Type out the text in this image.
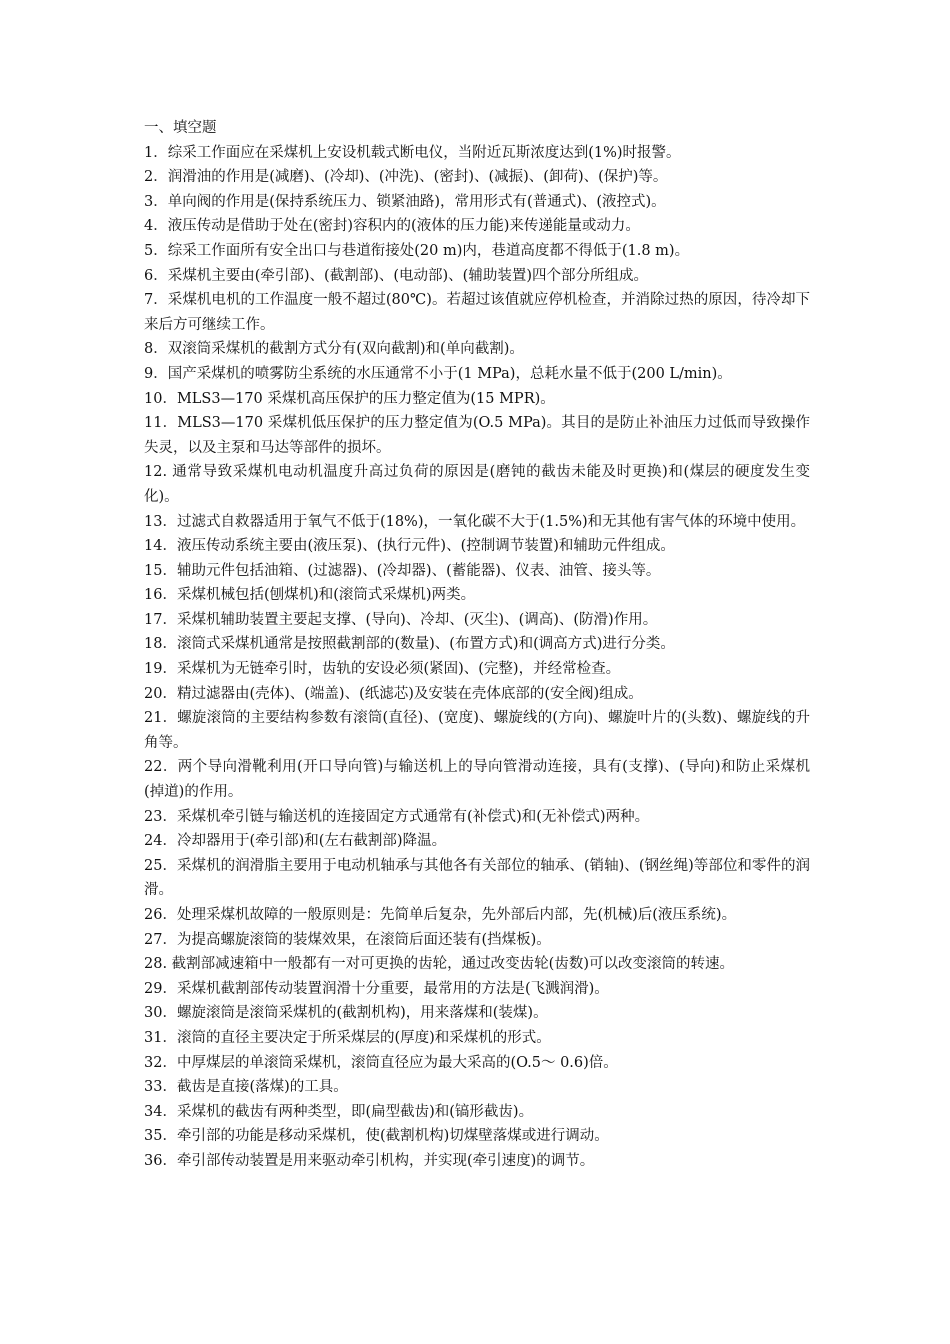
一、填空题

1．综采工作面应在采煤机上安设机载式断电仪，当附近瓦斯浓度达到(1%)时报警。

2．润滑油的作用是(减磨)、(冷却)、(冲洗)、(密封)、(减振)、(卸荷)、(保护)等。

3．单向阀的作用是(保持系统压力、锁紧油路)，常用形式有(普通式)、(液控式)。

4．液压传动是借助于处在(密封)容积内的(液体的压力能)来传递能量或动力。

5．综采工作面所有安全出口与巷道衔接处(20 m)内，巷道高度都不得低于(1.8 m)。

6．采煤机主要由(牵引部)、(截割部)、(电动部)、(辅助装置)四个部分所组成。

7．采煤机电机的工作温度一般不超过(80℃)。若超过该值就应停机检查，并消除过热的原因，待冷却下来后方可继续工作。

8．双滚筒采煤机的截割方式分有(双向截割)和(单向截割)。

9．国产采煤机的喷雾防尘系统的水压通常不小于(1 MPa)，总耗水量不低于(200 L/min)。

10．MLS3—170 采煤机高压保护的压力整定值为(15 MPR)。

11．MLS3—170 采煤机低压保护的压力整定值为(O.5 MPa)。其目的是防止补油压力过低而导致操作失灵，以及主泵和马达等部件的损坏。

12. 通常导致采煤机电动机温度升高过负荷的原因是(磨钝的截齿未能及时更换)和(煤层的硬度发生变化)。

13．过滤式自救器适用于氧气不低于(18%)，一氧化碳不大于(1.5%)和无其他有害气体的环境中使用。

14．液压传动系统主要由(液压泵)、(执行元件)、(控制调节装置)和辅助元件组成。

15．辅助元件包括油箱、(过滤器)、(冷却器)、(蓄能器)、仪表、油管、接头等。

16．采煤机械包括(刨煤机)和(滚筒式采煤机)两类。

17．采煤机辅助装置主要起支撑、(导向)、冷却、(灭尘)、(调高)、(防滑)作用。

18．滚筒式采煤机通常是按照截割部的(数量)、(布置方式)和(调高方式)进行分类。

19．采煤机为无链牵引时，齿轨的安设必须(紧固)、(完整)，并经常检查。

20．精过滤器由(壳体)、(端盖)、(纸滤芯)及安装在壳体底部的(安全阀)组成。

21．螺旋滚筒的主要结构参数有滚筒(直径)、(宽度)、螺旋线的(方向)、螺旋叶片的(头数)、螺旋线的升角等。

22．两个导向滑靴利用(开口导向管)与输送机上的导向管滑动连接，具有(支撑)、(导向)和防止采煤机(掉道)的作用。

23．采煤机牵引链与输送机的连接固定方式通常有(补偿式)和(无补偿式)两种。

24．冷却器用于(牵引部)和(左右截割部)降温。

25．采煤机的润滑脂主要用于电动机轴承与其他各有关部位的轴承、(销轴)、(钢丝绳)等部位和零件的润滑。

26．处理采煤机故障的一般原则是：先简单后复杂，先外部后内部，先(机械)后(液压系统)。

27．为提高螺旋滚筒的装煤效果，在滚筒后面还装有(挡煤板)。

28. 截割部减速箱中一般都有一对可更换的齿轮，通过改变齿轮(齿数)可以改变滚筒的转速。

29．采煤机截割部传动装置润滑十分重要，最常用的方法是(飞溅润滑)。

30．螺旋滚筒是滚筒采煤机的(截割机构)，用来落煤和(装煤)。

31．滚筒的直径主要决定于所采煤层的(厚度)和采煤机的形式。

32．中厚煤层的单滚筒采煤机，滚筒直径应为最大采高的(O.5～ 0.6)倍。

33．截齿是直接(落煤)的工具。

34．采煤机的截齿有两种类型，即(扁型截齿)和(镐形截齿)。

35．牵引部的功能是移动采煤机，使(截割机构)切煤壁落煤或进行调动。

36．牵引部传动装置是用来驱动牵引机构，并实现(牵引速度)的调节。
